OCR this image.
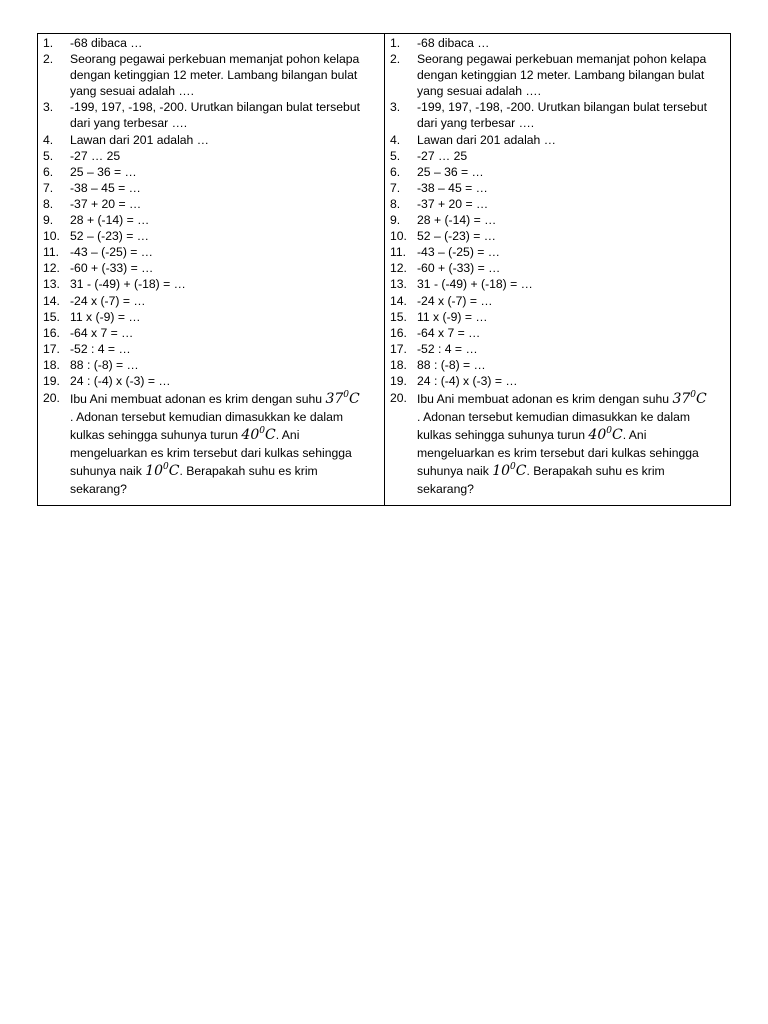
1.	-68 dibaca …
2.	Seorang pegawai perkebuan memanjat pohon kelapa dengan ketinggian 12 meter. Lambang bilangan bulat yang sesuai adalah ….
3.	-199, 197, -198, -200. Urutkan bilangan bulat tersebut dari yang terbesar ….
4.	Lawan dari 201 adalah …
5.	-27 … 25
6.	25 – 36 = …
7.	-38 – 45 = …
8.	-37 + 20 = …
9.	28 + (-14) = …
10. 52 – (-23) = …
11. -43 – (-25) = …
12. -60 + (-33) = …
13. 31 - (-49) + (-18) = …
14. -24 x (-7) = …
15. 11 x (-9) = …
16. -64 x 7 = …
17. -52 : 4 = …
18. 88 : (-8) = …
19. 24 : (-4) x (-3) = …
20. Ibu Ani membuat adonan es krim dengan suhu $37^0C$ . Adonan tersebut kemudian dimasukkan ke dalam kulkas sehingga suhunya turun $40^0C$. Ani mengeluarkan es krim tersebut dari kulkas sehingga suhunya naik $10^0C$. Berapakah suhu es krim sekarang?
1.	-68 dibaca …
2.	Seorang pegawai perkebuan memanjat pohon kelapa dengan ketinggian 12 meter. Lambang bilangan bulat yang sesuai adalah ….
3.	-199, 197, -198, -200. Urutkan bilangan bulat tersebut dari yang terbesar ….
4.	Lawan dari 201 adalah …
5.	-27 … 25
6.	25 – 36 = …
7.	-38 – 45 = …
8.	-37 + 20 = …
9.	28 + (-14) = …
10. 52 – (-23) = …
11. -43 – (-25) = …
12. -60 + (-33) = …
13. 31 - (-49) + (-18) = …
14. -24 x (-7) = …
15. 11 x (-9) = …
16. -64 x 7 = …
17. -52 : 4 = …
18. 88 : (-8) = …
19. 24 : (-4) x (-3) = …
20. Ibu Ani membuat adonan es krim dengan suhu $37^0C$ . Adonan tersebut kemudian dimasukkan ke dalam kulkas sehingga suhunya turun $40^0C$. Ani mengeluarkan es krim tersebut dari kulkas sehingga suhunya naik $10^0C$. Berapakah suhu es krim sekarang?
